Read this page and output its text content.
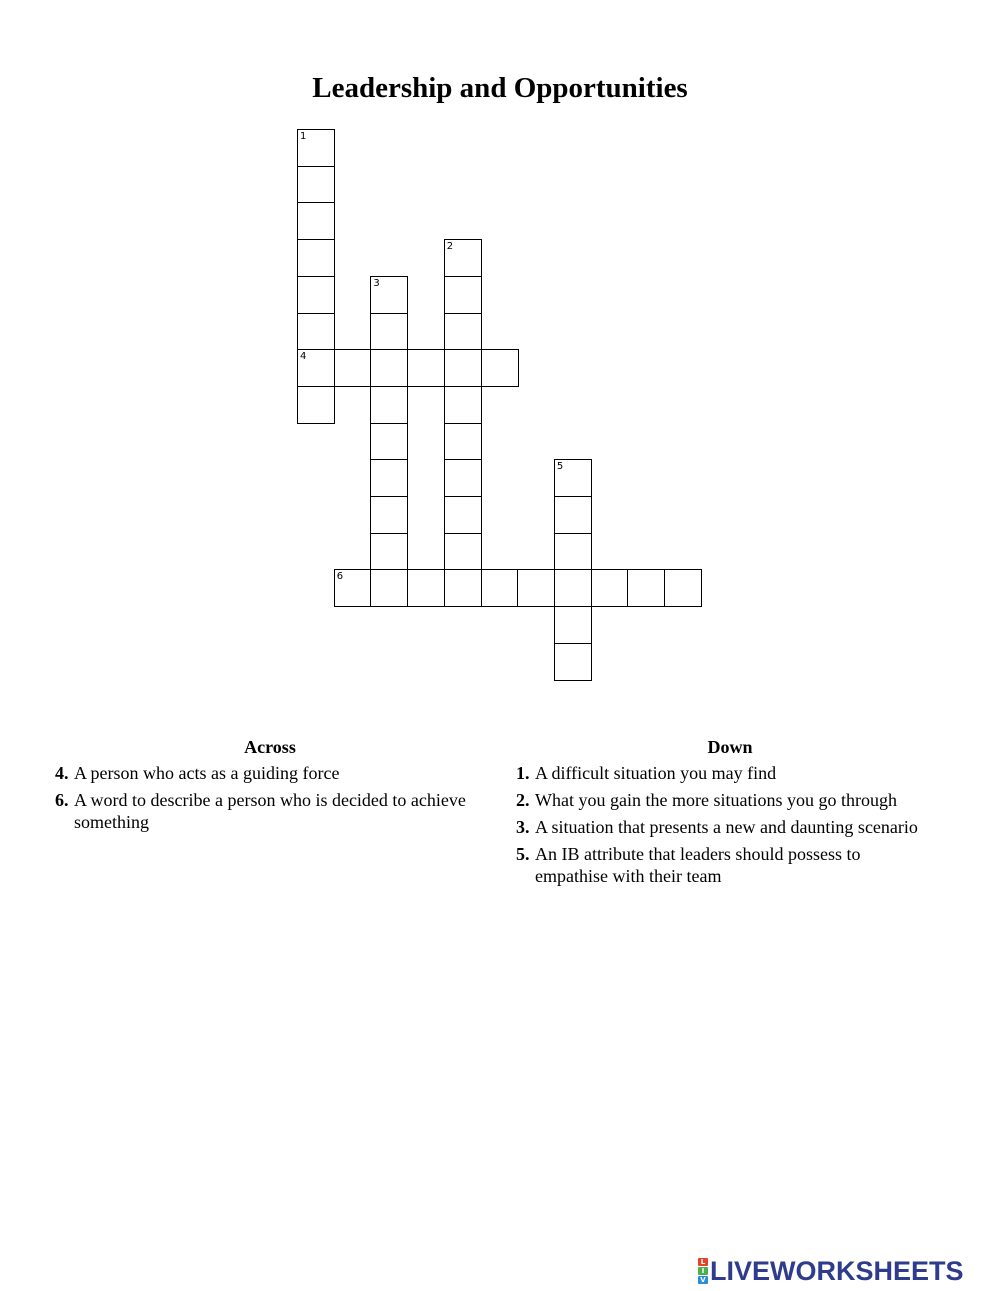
Leadership and Opportunities
1
2
3
4
5
6
Across
4. A person who acts as a guiding force
6. A word to describe a person who is decided to achieve something
Down
1. A difficult situation you may find
2. What you gain the more situations you go through
3. A situation that presents a new and daunting scenario
5. An IB attribute that leaders should possess to empathise with their team
L
I
V LIVEWORKSHEETS
